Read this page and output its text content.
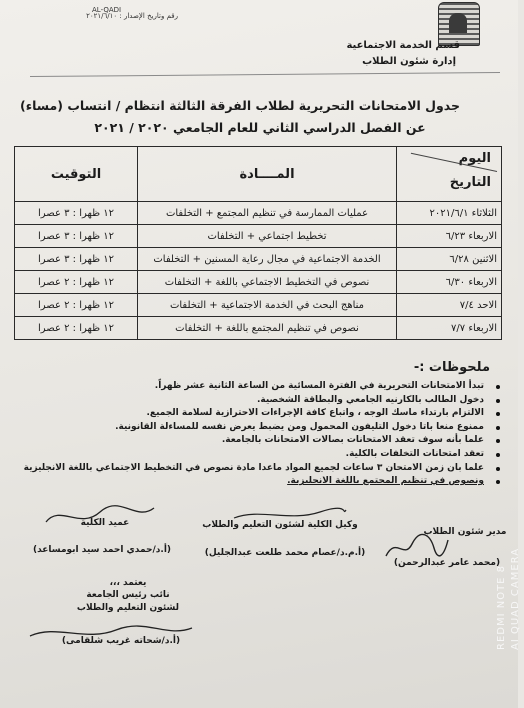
AL-QADI
رقم وتاريخ الإصدار : ٢٠٢١/٦/١٠
قسم الخدمة الاجتماعية
إدارة شئون الطلاب
جدول الامتحانات التحريرية لطلاب الفرقة الثالثة انتظام / انتساب (مساء)
عن الفصل الدراسي الثاني للعام الجامعي ٢٠٢٠ / ٢٠٢١
اليوم
التاريخ	المــــادة	التوقيت
الثلاثاء ٢٠٢١/٦/١	عمليات الممارسة في تنظيم المجتمع + التخلفات	١٢ ظهرا : ٣ عصرا
الاربعاء ٦/٢٣	تخطيط اجتماعي + التخلفات	١٢ ظهرا : ٣ عصرا
الاثنين ٦/٢٨	الخدمة الاجتماعية في مجال رعاية المسنين + التخلفات	١٢ ظهرا : ٣ عصرا
الاربعاء ٦/٣٠	نصوص في التخطيط الاجتماعي باللغة + التخلفات	١٢ ظهرا : ٢ عصرا
الاحد ٧/٤	مناهج البحث في الخدمة الاجتماعية + التخلفات	١٢ ظهرا : ٢ عصرا
الاربعاء ٧/٧	نصوص في تنظيم المجتمع باللغة + التخلفات	١٢ ظهرا : ٢ عصرا
ملحوظات :-
تبدأ الامتحانات التحريرية في الفترة المسائية من الساعة الثانية عشر ظهراً.
دخول الطالب بالكارنيه الجامعي والبطاقة الشخصية.
الالتزام بارتداء ماسك الوجه ، واتباع كافة الإجراءات الاحترازية لسلامة الجميع.
ممنوع منعا باتا دخول التليفون المحمول ومن يضبط يعرض نفسه للمساءلة القانونية.
علما بأنه سوف تعقد الامتحانات بصالات الامتحانات بالجامعة.
تعقد امتحانات التخلفات بالكلية.
علما بان زمن الامتحان ٣ ساعات لجميع المواد ماعدا مادة نصوص في التخطيط الاجتماعي باللغة الانجليزية
ونصوص في تنظيم المجتمع باللغة الانجليزية.
مدير شئون الطلاب
وكيل الكلية لشئون التعليم والطلاب
عميد الكلية
(محمد عامر عبدالرحمن)
(أ.م.د/عصام محمد طلعت عبدالجليل)
(أ.د/حمدي احمد سيد ابومساعد)
يعتمد ،،،
نائب رئيس الجامعة
لشئون التعليم والطلاب
(أ.د/شحاته غريب شلقامى)	REDMI NOTE 8 AI QUAD CAMERA
